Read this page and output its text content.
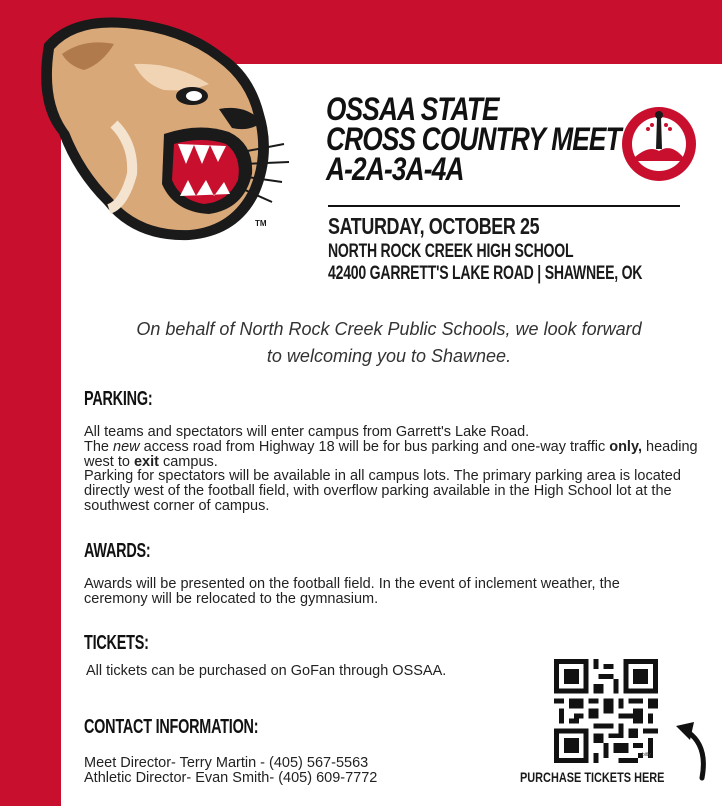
TM
OSSAA STATE
CROSS COUNTRY MEET
A-2A-3A-4A
SATURDAY, OCTOBER 25
NORTH ROCK CREEK HIGH SCHOOL
42400 GARRETT'S LAKE ROAD | SHAWNEE, OK
On behalf of North Rock Creek Public Schools, we look forward
to welcoming you to Shawnee.
PARKING:

All teams and spectators will enter campus from Garrett's Lake Road.

The new access road from Highway 18 will be for bus parking and one-way traffic only, heading west to exit campus.

Parking for spectators will be available in all campus lots. The primary parking area is located directly west of the football field, with overflow parking available in the High School lot at the southwest corner of campus.

AWARDS:
Awards will be presented on the football field. In the event of inclement weather, the ceremony will be relocated to the gymnasium.
TICKETS:
All tickets can be purchased on GoFan through OSSAA.
CONTACT INFORMATION:

Meet Director- Terry Martin - (405) 567-5563

Athletic Director- Evan Smith- (405) 609-7772

bitly
PURCHASE TICKETS HERE
